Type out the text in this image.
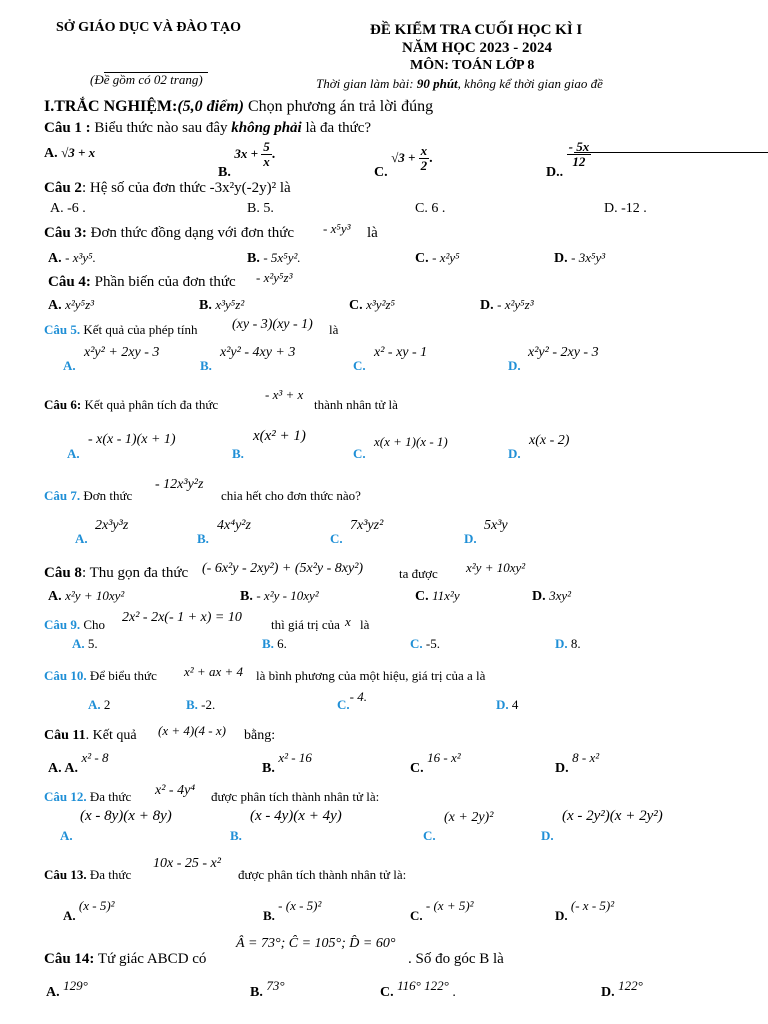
SỞ GIÁO DỤC VÀ ĐÀO TẠO	ĐỀ KIỂM TRA CUỐI HỌC KÌ I
NĂM HỌC 2023 - 2024
MÔN: TOÁN LỚP 8
(Đề gồm có 02 trang)	Thời gian làm bài: 90 phút, không kể thời gian giao đề
I.TRẮC NGHIỆM:(5,0 điểm) Chọn phương án trả lời đúng
Câu 1 : Biểu thức nào sau đây không phải là đa thức?
A. √3 + x
B. $3x + \frac{5}{x}$ .
C. $√3 + \frac{x}{2}$ .
D..
$\frac{- 5x}{12}$
Câu 2: Hệ số của đơn thức -3x²y(-2y)² là
A. -6 .	B. 5.	C. 6 .	D. -12 .
Câu 3: Đơn thức đồng dạng với đơn thức - x⁵y³ là
A. - x³y⁵.	B. - 5x⁵y².	C. - x²y⁵	D. - 3x⁵y³
Câu 4: Phần biến của đơn thức - x²y⁵z³
A. x²y⁵z³	B. x³y⁵z²	C. x³y²z⁵	D. - x²y⁵z³
Câu 5. Kết quả của phép tính (xy - 3)(xy - 1) là
A.
x²y² + 2xy - 3
B.
x²y² - 4xy + 3
C.
x² - xy - 1
D.
x²y² - 2xy - 3
Câu 6: Kết quả phân tích đa thức
- x³ + x
thành nhân tử là
A.
- x(x - 1)(x + 1)
B.
x(x² + 1)
C.
x(x + 1)(x - 1)
D.
x(x - 2)
Câu 7. Đơn thức
- 12x³y²z
chia hết cho đơn thức nào?
A.
2x³y³z
B.
4x⁴y²z
C.
7x³yz²
D.
5x³y
Câu 8: Thu gọn đa thức (- 6x²y - 2xy²) + (5x²y - 8xy²)	ta được x²y + 10xy²
A. x²y + 10xy²	B. - x²y - 10xy²	C. 11x²y	D. 3xy²
Câu 9. Cho 2x² - 2x(- 1 + x) = 10 thì giá trị của x là
A. 5.	B. 6.	C. -5.	D. 8.
Câu 10. Để biểu thức x² + ax + 4 là bình phương của một hiệu, giá trị của a là
A. 2	B. -2.	C.- 4.
D. 4
Câu 11. Kết quả (x + 4)(4 - x) bằng:
A. A. x² - 8
B. x² - 16
C. 16 - x²
D. 8 - x²
Câu 12. Đa thức x² - 4y⁴ được phân tích thành nhân tử là:
A.
(x - 8y)(x + 8y)
B.
(x - 4y)(x + 4y)
C.
(x + 2y)²
D.
(x - 2y²)(x + 2y²)
Câu 13. Đa thức
10x - 25 - x²
được phân tích thành nhân tử là:
A. (x - 5)²
B. - (x - 5)²
C. - (x + 5)²
D. (- x - 5)²
Câu 14: Tứ giác ABCD có
Â = 73°; Ĉ = 105°; D̂ = 60°
. Số đo góc B là
A. 129°	B. 73°	C. 116° 122° .	D. 122°
